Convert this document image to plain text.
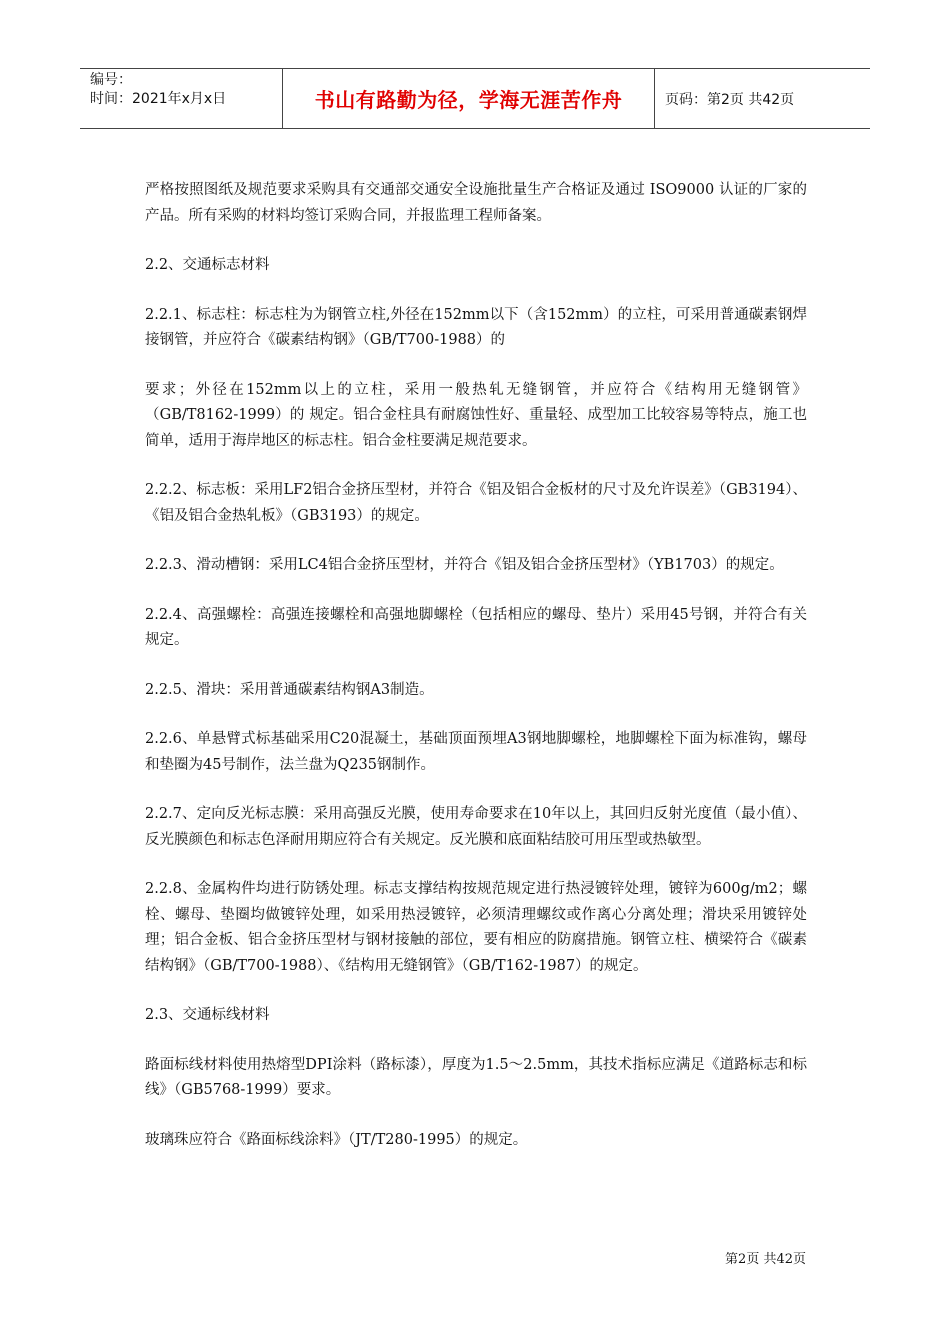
编号：
时间：2021年x月x日	书山有路勤为径，学海无涯苦作舟	页码：第2页 共42页

严格按照图纸及规范要求采购具有交通部交通安全设施批量生产合格证及通过 ISO9000 认证的厂家的产品。所有采购的材料均签订采购合同，并报监理工程师备案。

2.2、交通标志材料

2.2.1、标志柱：标志柱为为钢管立柱,外径在152mm以下（含152mm）的立柱，可采用普通碳素钢焊接钢管，并应符合《碳素结构钢》（GB/T700-1988）的

要求；外径在152mm以上的立柱，采用一般热轧无缝钢管，并应符合《结构用无缝钢管》（GB/T8162-1999）的 规定。铝合金柱具有耐腐蚀性好、重量轻、成型加工比较容易等特点，施工也简单，适用于海岸地区的标志柱。铝合金柱要满足规范要求。

2.2.2、标志板：采用LF2铝合金挤压型材，并符合《铝及铝合金板材的尺寸及允许误差》（GB3194）、《铝及铝合金热轧板》（GB3193）的规定。

2.2.3、滑动槽钢：采用LC4铝合金挤压型材，并符合《铝及铝合金挤压型材》（YB1703）的规定。

2.2.4、高强螺栓：高强连接螺栓和高强地脚螺栓（包括相应的螺母、垫片）采用45号钢，并符合有关规定。

2.2.5、滑块：采用普通碳素结构钢A3制造。

2.2.6、单悬臂式标基础采用C20混凝土，基础顶面预埋A3钢地脚螺栓，地脚螺栓下面为标准钩，螺母和垫圈为45号制作，法兰盘为Q235钢制作。

2.2.7、定向反光标志膜：采用高强反光膜，使用寿命要求在10年以上，其回归反射光度值（最小值）、反光膜颜色和标志色泽耐用期应符合有关规定。反光膜和底面粘结胶可用压型或热敏型。

2.2.8、金属构件均进行防锈处理。标志支撑结构按规范规定进行热浸镀锌处理，镀锌为600g/m2；螺栓、螺母、垫圈均做镀锌处理，如采用热浸镀锌，必须清理螺纹或作离心分离处理；滑块采用镀锌处理；铝合金板、铝合金挤压型材与钢材接触的部位，要有相应的防腐措施。钢管立柱、横梁符合《碳素结构钢》（GB/T700-1988）、《结构用无缝钢管》（GB/T162-1987）的规定。

2.3、交通标线材料

路面标线材料使用热熔型DPI涂料（路标漆），厚度为1.5～2.5mm，其技术指标应满足《道路标志和标线》（GB5768-1999）要求。

玻璃珠应符合《路面标线涂料》（JT/T280-1995）的规定。

第2页 共42页
